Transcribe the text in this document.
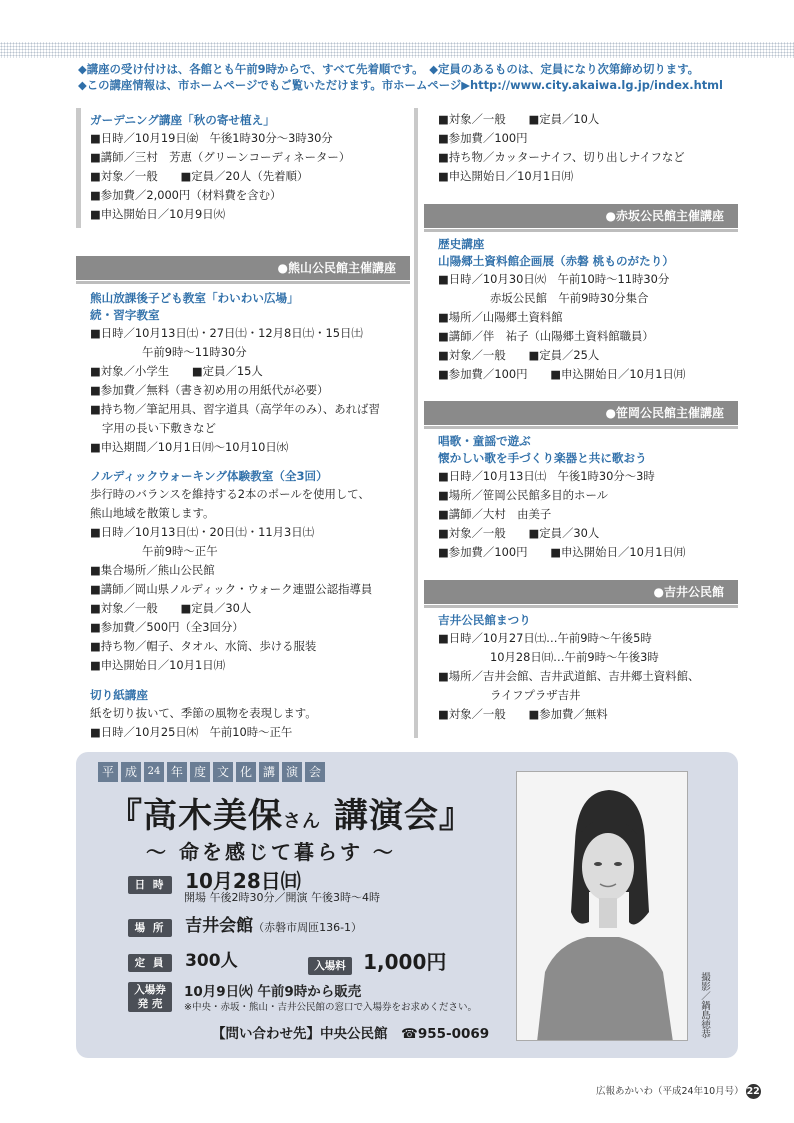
◆講座の受け付けは、各館とも午前9時からで、すべて先着順です。　◆定員のあるものは、定員になり次第締め切ります。
◆この講座情報は、市ホームページでもご覧いただけます。市ホームページ▶http://www.city.akaiwa.lg.jp/index.html
ガーデニング講座「秋の寄せ植え」
■日時／10月19日㈮　午後1時30分～3時30分
■講師／三村　芳恵（グリーンコーディネーター）
■対象／一般　　■定員／20人（先着順）
■参加費／2,000円（材料費を含む）
■申込開始日／10月9日㈫
●熊山公民館主催講座
熊山放課後子ども教室「わいわい広場」
続・習字教室
■日時／10月13日㈯・27日㈯・12月8日㈯・15日㈯
午前9時～11時30分
■対象／小学生　　■定員／15人
■参加費／無料（書き初め用の用紙代が必要）
■持ち物／筆記用具、習字道具（高学年のみ）、あれば習
字用の長い下敷きなど
■申込期間／10月1日㈪～10月10日㈬
ノルディックウォーキング体験教室（全3回）
歩行時のバランスを維持する2本のポールを使用して、
熊山地域を散策します。
■日時／10月13日㈯・20日㈯・11月3日㈯
午前9時～正午
■集合場所／熊山公民館
■講師／岡山県ノルディック・ウォーク連盟公認指導員
■対象／一般　　■定員／30人
■参加費／500円（全3回分）
■持ち物／帽子、タオル、水筒、歩ける服装
■申込開始日／10月1日㈪
切り紙講座
紙を切り抜いて、季節の風物を表現します。
■日時／10月25日㈭　午前10時～正午
■対象／一般　　■定員／10人
■参加費／100円
■持ち物／カッターナイフ、切り出しナイフなど
■申込開始日／10月1日㈪
●赤坂公民館主催講座
歴史講座
山陽郷土資料館企画展（赤磐 桃ものがたり）
■日時／10月30日㈫　午前10時～11時30分
赤坂公民館　午前9時30分集合
■場所／山陽郷土資料館
■講師／伴　祐子（山陽郷土資料館職員）
■対象／一般　　■定員／25人
■参加費／100円　　■申込開始日／10月1日㈪
●笹岡公民館主催講座
唱歌・童謡で遊ぶ
懐かしい歌を手づくり楽器と共に歌おう
■日時／10月13日㈯　午後1時30分～3時
■場所／笹岡公民館多目的ホール
■講師／大村　由美子
■対象／一般　　■定員／30人
■参加費／100円　　■申込開始日／10月1日㈪
●吉井公民館
吉井公民館まつり
■日時／10月27日㈯…午前9時～午後5時
10月28日㈰…午前9時～午後3時
■場所／吉井会館、吉井武道館、吉井郷土資料館、
ライフプラザ吉井
■対象／一般　　■参加費／無料
平 成	24 年 度 文 化 講 演 会
『高木美保さん 講演会』
～ 命を感じて暮らす ～
日 時 10月28日㈰
開場 午後2時30分／開演 午後3時～4時
場 所 吉井会館（赤磐市周匝136-1）
定 員 300人	入場料 1,000円
入場券
発 売
10月9日㈫ 午前9時から販売
※中央・赤坂・熊山・吉井公民館の窓口で入場券をお求めください。
【問い合わせ先】中央公民館　☎955-0069	撮影／鍋島徳恭
広報あかいわ（平成24年10月号） 22
